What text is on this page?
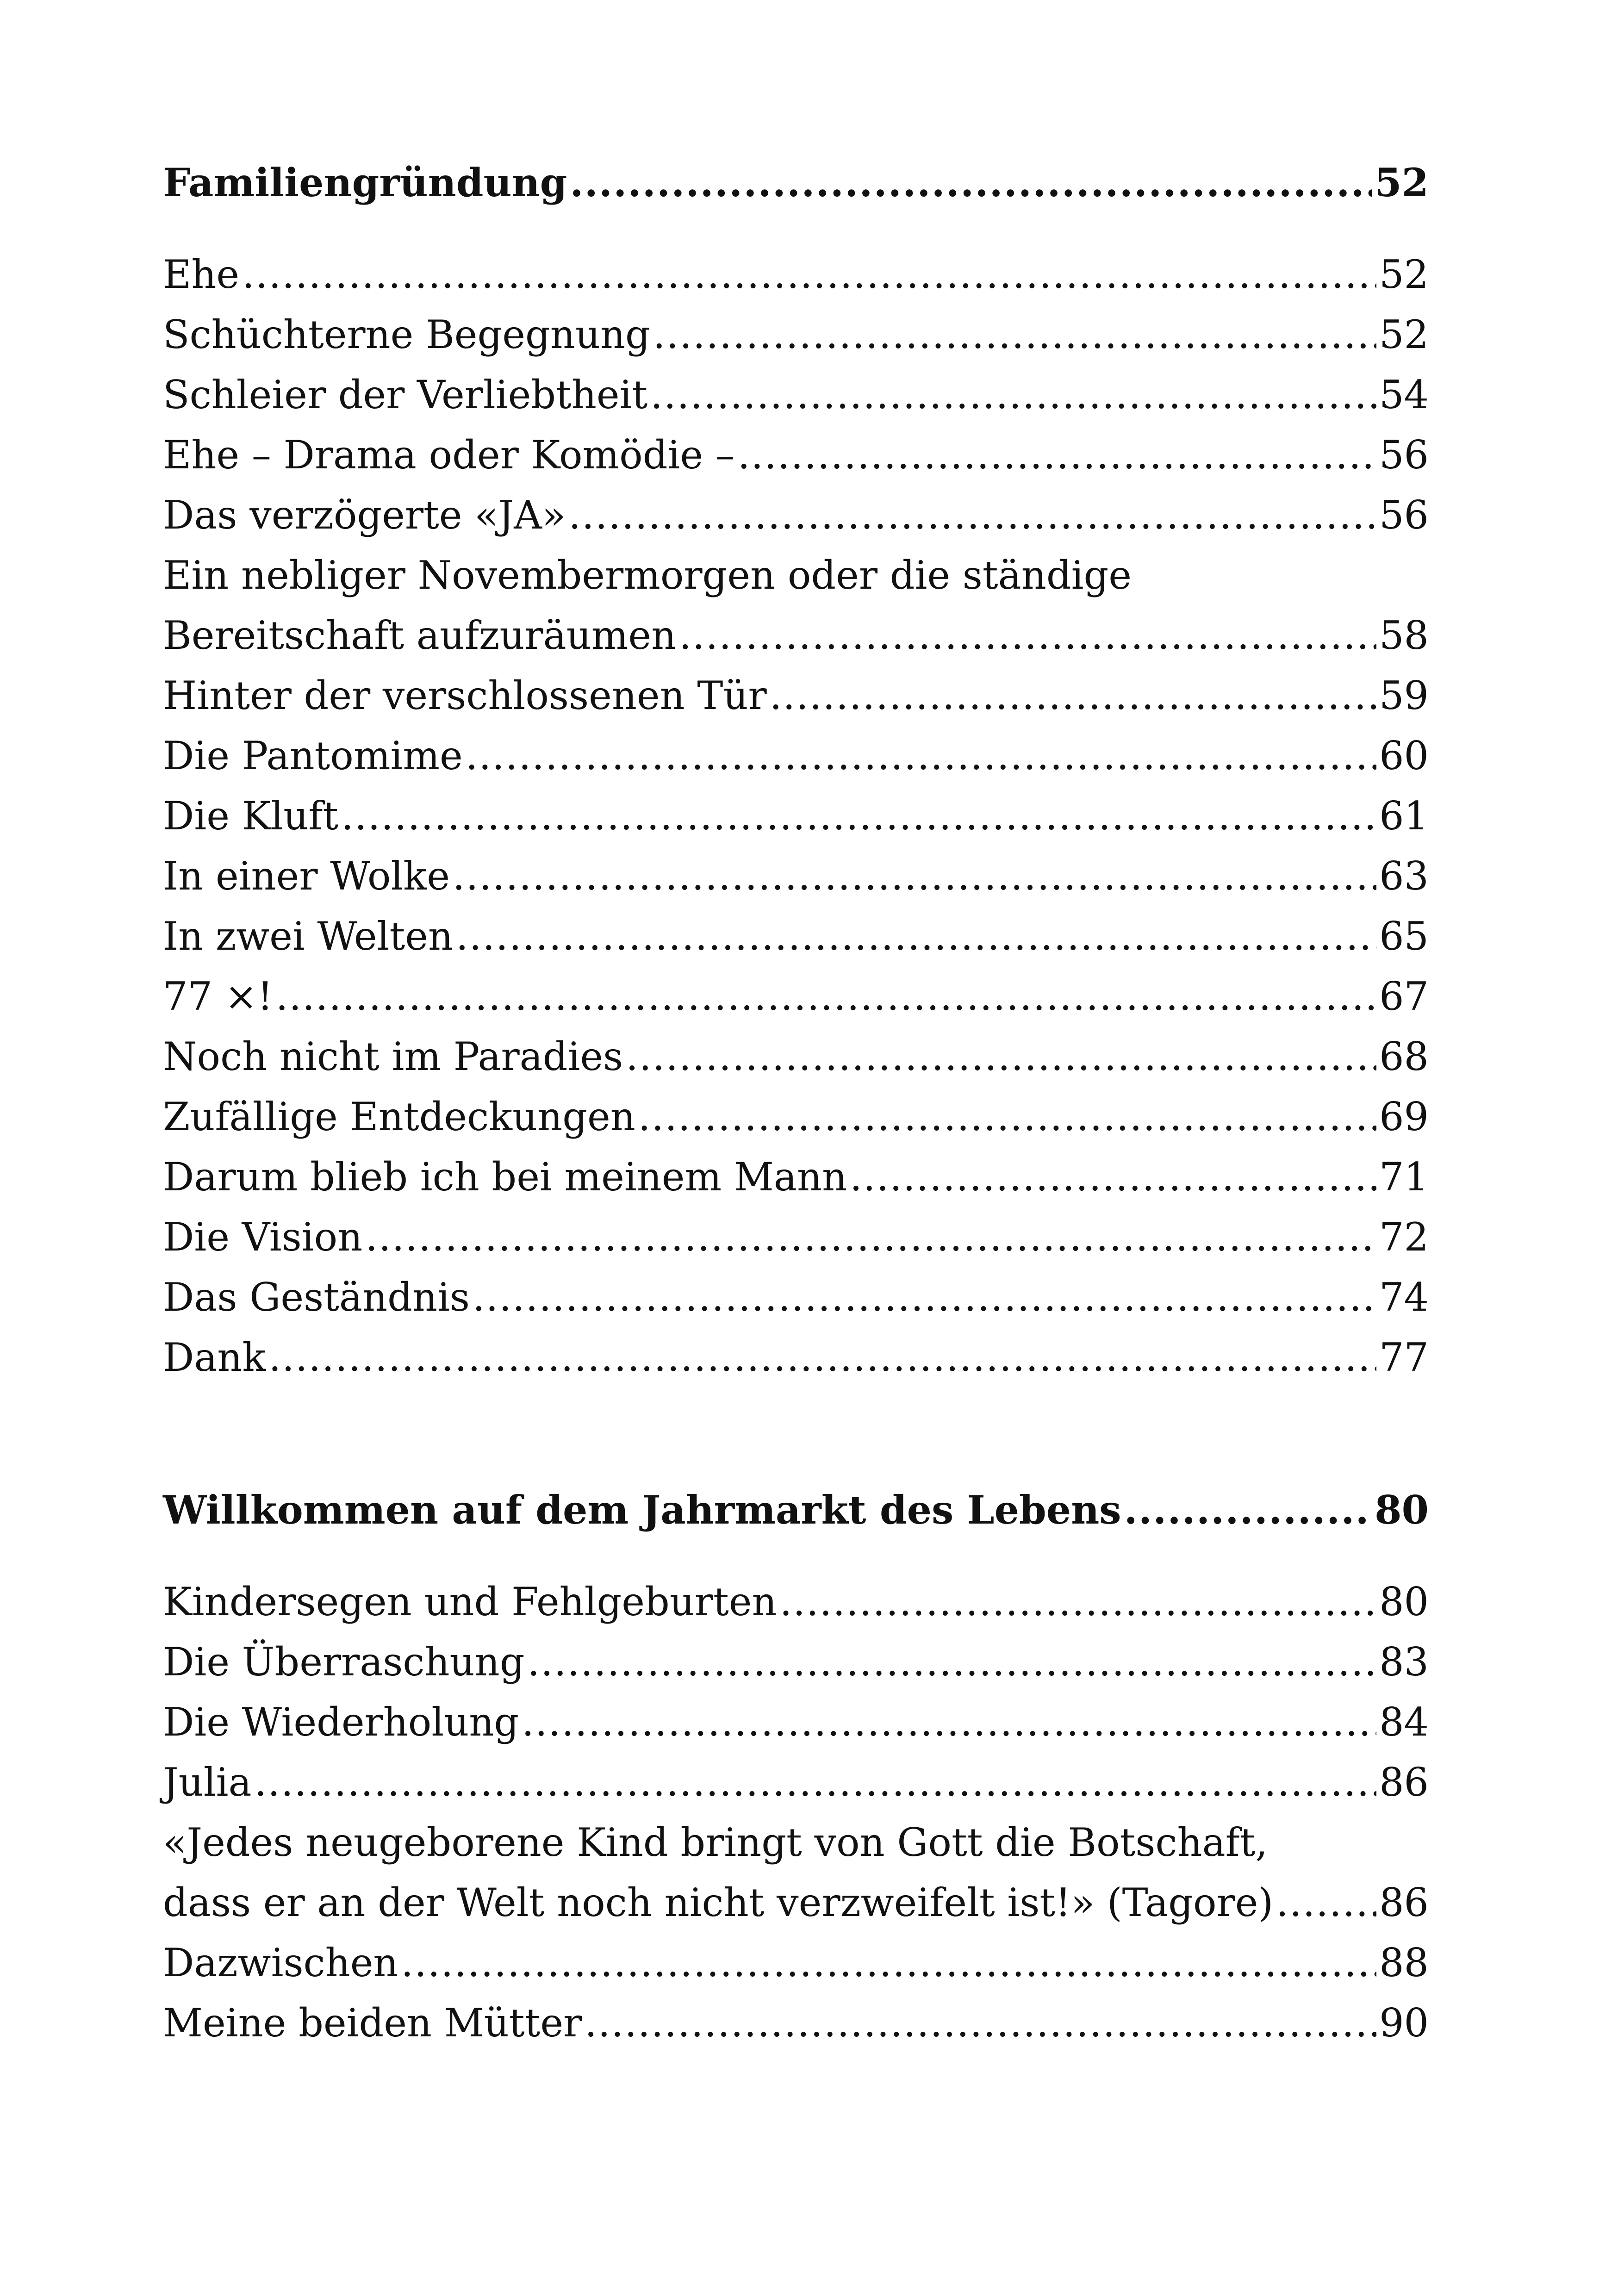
Familiengründung .....	52
Ehe .....	52
Schüchterne Begegnung .....	52
Schleier der Verliebtheit .....	54
Ehe – Drama oder Komödie – .....	56
Das verzögerte «JA» .....	56
Ein nebliger Novembermorgen oder die ständige
Bereitschaft aufzuräumen .....	58
Hinter der verschlossenen Tür .....	59
Die Pantomime .....	60
Die Kluft .....	61
In einer Wolke .....	63
In zwei Welten .....	65
77 ×! .....	67
Noch nicht im Paradies .....	68
Zufällige Entdeckungen .....	69
Darum blieb ich bei meinem Mann .....	71
Die Vision .....	72
Das Geständnis .....	74
Dank .....	77
Willkommen auf dem Jahrmarkt des Lebens .....	80
Kindersegen und Fehlgeburten .....	80
Die Überraschung .....	83
Die Wiederholung .....	84
Julia .....	86
«Jedes neugeborene Kind bringt von Gott die Botschaft,
dass er an der Welt noch nicht verzweifelt ist!» (Tagore) .....	86
Dazwischen .....	88
Meine beiden Mütter .....	90
